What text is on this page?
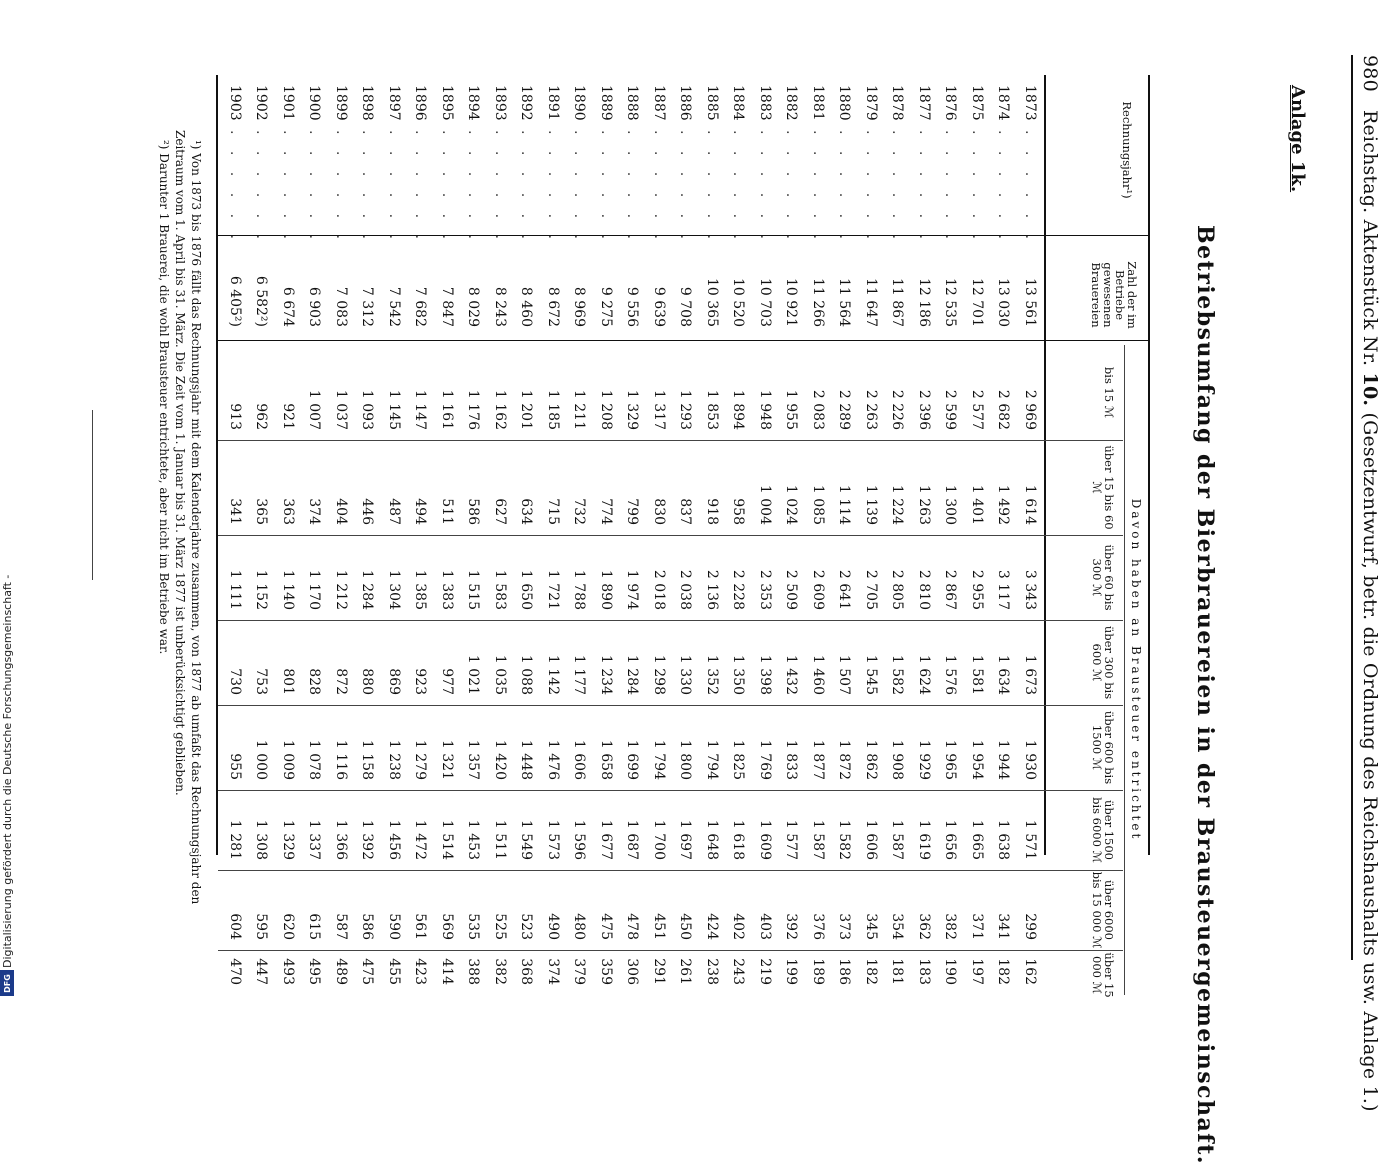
980
Reichstag. Aktenstück Nr. 10. (Gesetzentwurf, betr. die Ordnung des Reichshaushalts usw. Anlage 1.)
Anlage 1k.
Betriebsumfang der Bierbrauereien in der Brausteuergemeinschaft.
Rechnungsjahr¹)
Zahl der im Betriebe gewesenen Brauereien
Davon haben an Brausteuer entrichtet
bis 15 ℳ
über 15 bis 60 ℳ
über 60 bis 300 ℳ
über 300 bis 600 ℳ
über 600 bis 1500 ℳ
über 1500 bis 6000 ℳ
über 6000 bis 15 000 ℳ
über 15 000 ℳ
1873
. . . . . .
13 561
2 969
1 614
3 343
1 673
1 930
1 571
299
162
1874
. . . . . .
13 030
2 682
1 492
3 117
1 634
1 944
1 638
341
182
1875
. . . . . .
12 701
2 577
1 401
2 955
1 581
1 954
1 665
371
197
1876
. . . . . .
12 535
2 599
1 300
2 867
1 576
1 965
1 656
382
190
1877
. . . . . .
12 186
2 396
1 263
2 810
1 624
1 929
1 619
362
183
1878
. . . . . .
11 867
2 226
1 224
2 805
1 582
1 908
1 587
354
181
1879
. . . . . .
11 647
2 263
1 139
2 705
1 545
1 862
1 606
345
182
1880
. . . . . .
11 564
2 289
1 114
2 641
1 507
1 872
1 582
373
186
1881
. . . . . .
11 266
2 083
1 085
2 609
1 460
1 877
1 587
376
189
1882
. . . . . .
10 921
1 955
1 024
2 509
1 432
1 833
1 577
392
199
1883
. . . . . .
10 703
1 948
1 004
2 353
1 398
1 769
1 609
403
219
1884
. . . . . .
10 520
1 894
958
2 228
1 350
1 825
1 618
402
243
1885
. . . . . .
10 365
1 853
918
2 136
1 352
1 794
1 648
424
238
1886
. . . . . .
9 708
1 293
837
2 038
1 330
1 800
1 697
450
261
1887
. . . . . .
9 639
1 317
830
2 018
1 298
1 794
1 700
451
291
1888
. . . . . .
9 556
1 329
799
1 974
1 284
1 699
1 687
478
306
1889
. . . . . .
9 275
1 208
774
1 890
1 234
1 658
1 677
475
359
1890
. . . . . .
8 969
1 211
732
1 788
1 177
1 606
1 596
480
379
1891
. . . . . .
8 672
1 185
715
1 721
1 142
1 476
1 573
490
374
1892
. . . . . .
8 460
1 201
634
1 650
1 088
1 448
1 549
523
368
1893
. . . . . .
8 243
1 162
627
1 583
1 035
1 420
1 511
525
382
1894
. . . . . .
8 029
1 176
586
1 515
1 021
1 357
1 453
535
388
1895
. . . . . .
7 847
1 161
511
1 383
977
1 321
1 514
569
414
1896
. . . . . .
7 682
1 147
494
1 385
923
1 279
1 472
561
423
1897
. . . . . .
7 542
1 145
487
1 304
869
1 238
1 456
590
455
1898
. . . . . .
7 312
1 093
446
1 284
880
1 158
1 392
586
475
1899
. . . . . .
7 083
1 037
404
1 212
872
1 116
1 366
587
489
1900
. . . . . .
6 903
1 007
374
1 170
828
1 078
1 337
615
495
1901
. . . . . .
6 674
921
363
1 140
801
1 009
1 329
620
493
1902
. . . . . .
6 582²)
962
365
1 152
753
1 000
1 308
595
447
1903
. . . . . .
6 405²)
913
341
1 111
730
955
1 281
604
470
¹) Von 1873 bis 1876 fällt das Rechnungsjahr mit dem Kalenderjahre zusammen, von 1877 ab umfaßt das Rechnungsjahr den
Zeitraum vom 1. April bis 31. März. Die Zeit vom 1. Januar bis 31. März 1877 ist unberücksichtigt geblieben.
²) Darunter 1 Brauerei, die wohl Brausteuer entrichtete, aber nicht im Betriebe war.
Digitalisierung gefördert durch die Deutsche Forschungsgemeinschaft -
DFG
